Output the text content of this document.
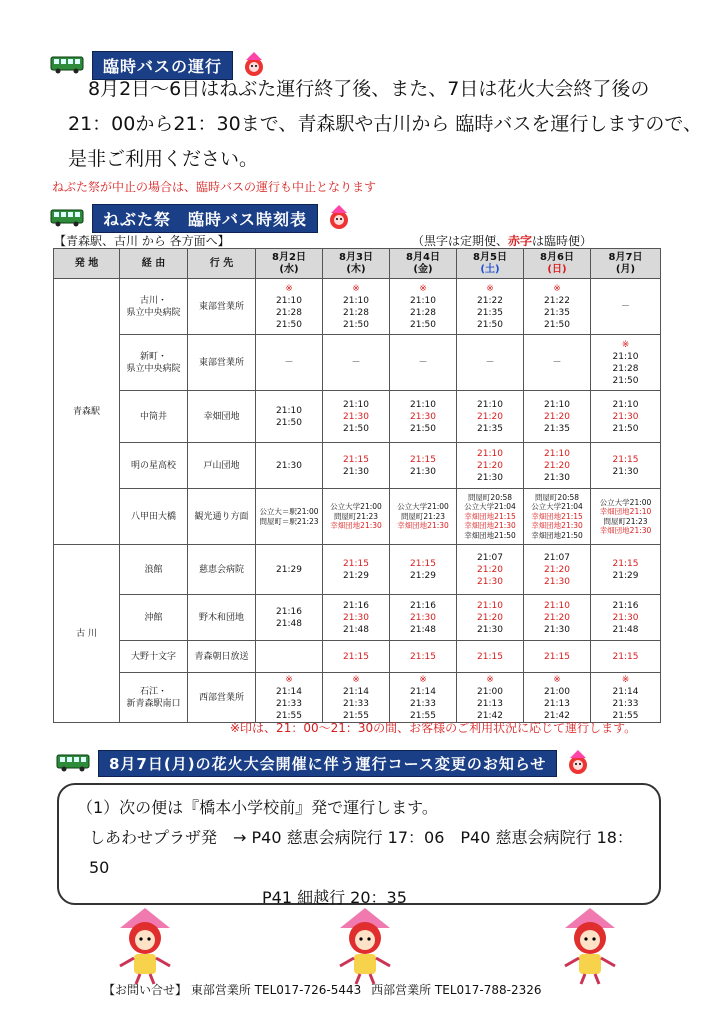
臨時バスの運行
8月2日～6日はねぶた運行終了後、また、7日は花火大会終了後の
21：00から21：30まで、青森駅や古川から 臨時バスを運行しますので、
是非ご利用ください。
ねぶた祭が中止の場合は、臨時バスの運行も中止となります
ねぶた祭　臨時バス時刻表
【青森駅、古川 から 各方面へ】	（黒字は定期便、赤字は臨時便）
発 地	経 由	行 先	8月2日
(水)	8月3日
(木)	8月4日
(金)	8月5日
(土)	8月6日
(日)	8月7日
(月)

青森駅	古川・
県立中央病院	東部営業所	※
21:10
21:28
21:50	※
21:10
21:28
21:50	※
21:10
21:28
21:50	※
21:22
21:35
21:50	※
21:22
21:35
21:50	－

	新町・
県立中央病院	東部営業所	－	－	－	－	－	※
21:10
21:28
21:50

	中筒井	幸畑団地	21:10
21:50	21:10
21:30
21:50	21:10
21:30
21:50	21:10
21:20
21:35	21:10
21:20
21:35	21:10
21:30
21:50

	明の星高校	戸山団地	21:30	21:15
21:30	21:15
21:30	21:10
21:20
21:30	21:10
21:20
21:30	21:15
21:30

	八甲田大橋	観光通り方面	公立大＝駅21:00
問屋町＝駅21:23	公立大学21:00
問屋町21:23
幸畑団地21:30	公立大学21:00
問屋町21:23
幸畑団地21:30	問屋町20:58
公立大学21:04
幸畑団地21:15
幸畑団地21:30
幸畑団地21:50	問屋町20:58
公立大学21:04
幸畑団地21:15
幸畑団地21:30
幸畑団地21:50	公立大学21:00
幸畑団地21:10
問屋町21:23
幸畑団地21:30

古 川	浪館	慈恵会病院	21:29	21:15
21:29	21:15
21:29	21:07
21:20
21:30	21:07
21:20
21:30	21:15
21:29

	沖館	野木和団地	21:16
21:48	21:16
21:30
21:48	21:16
21:30
21:48	21:10
21:20
21:30	21:10
21:20
21:30	21:16
21:30
21:48

	大野十文字	青森朝日放送		21:15	21:15	21:15	21:15	21:15

	石江・
新青森駅南口	西部営業所	※
21:14
21:33
21:55	※
21:14
21:33
21:55	※
21:14
21:33
21:55	※
21:00
21:13
21:42	※
21:00
21:13
21:42	※
21:14
21:33
21:55
※印は、21：00～21：30の間、お客様のご利用状況に応じて運行します。
8月7日(月)の花火大会開催に伴う運行コース変更のお知らせ
（1）次の便は『橋本小学校前』発で運行します。
しあわせプラザ発　→ P40 慈恵会病院行 17：06　P40 慈恵会病院行 18：50
P41 細越行 20：35
【お問い合せ】 東部営業所 TEL017-726-5443 西部営業所 TEL017-788-2326
